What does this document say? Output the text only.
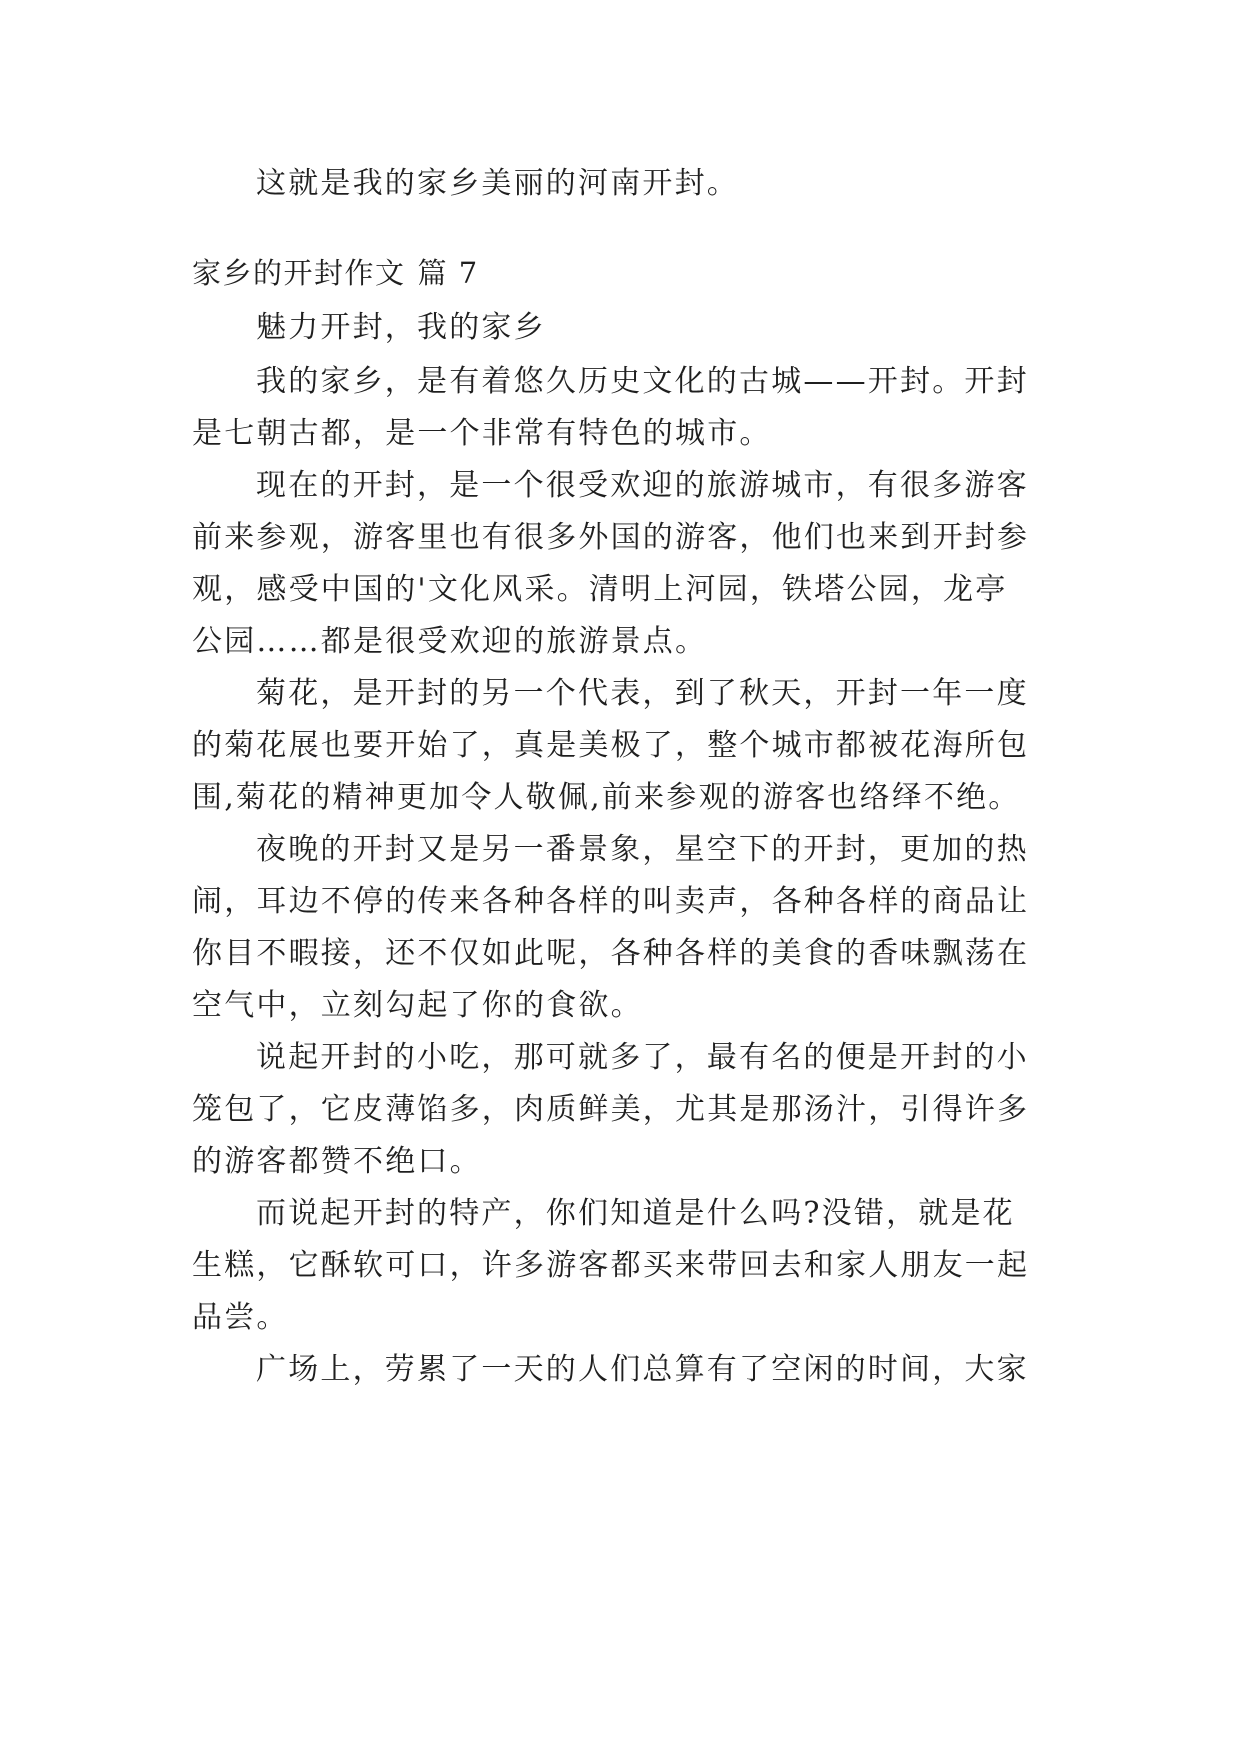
这就是我的家乡美丽的河南开封。
家乡的开封作文 篇 7
魅力开封，我的家乡
我的家乡，是有着悠久历史文化的古城——开封。开封
是七朝古都，是一个非常有特色的城市。
现在的开封，是一个很受欢迎的旅游城市，有很多游客
前来参观，游客里也有很多外国的游客，他们也来到开封参
观，感受中国的'文化风采。清明上河园，铁塔公园，龙亭
公园……都是很受欢迎的旅游景点。
菊花，是开封的另一个代表，到了秋天，开封一年一度
的菊花展也要开始了，真是美极了，整个城市都被花海所包
围,菊花的精神更加令人敬佩,前来参观的游客也络绎不绝。
夜晚的开封又是另一番景象，星空下的开封，更加的热
闹，耳边不停的传来各种各样的叫卖声，各种各样的商品让
你目不暇接，还不仅如此呢，各种各样的美食的香味飘荡在
空气中，立刻勾起了你的食欲。
说起开封的小吃，那可就多了，最有名的便是开封的小
笼包了，它皮薄馅多，肉质鲜美，尤其是那汤汁，引得许多
的游客都赞不绝口。
而说起开封的特产，你们知道是什么吗?没错，就是花
生糕，它酥软可口，许多游客都买来带回去和家人朋友一起
品尝。
广场上，劳累了一天的人们总算有了空闲的时间，大家
